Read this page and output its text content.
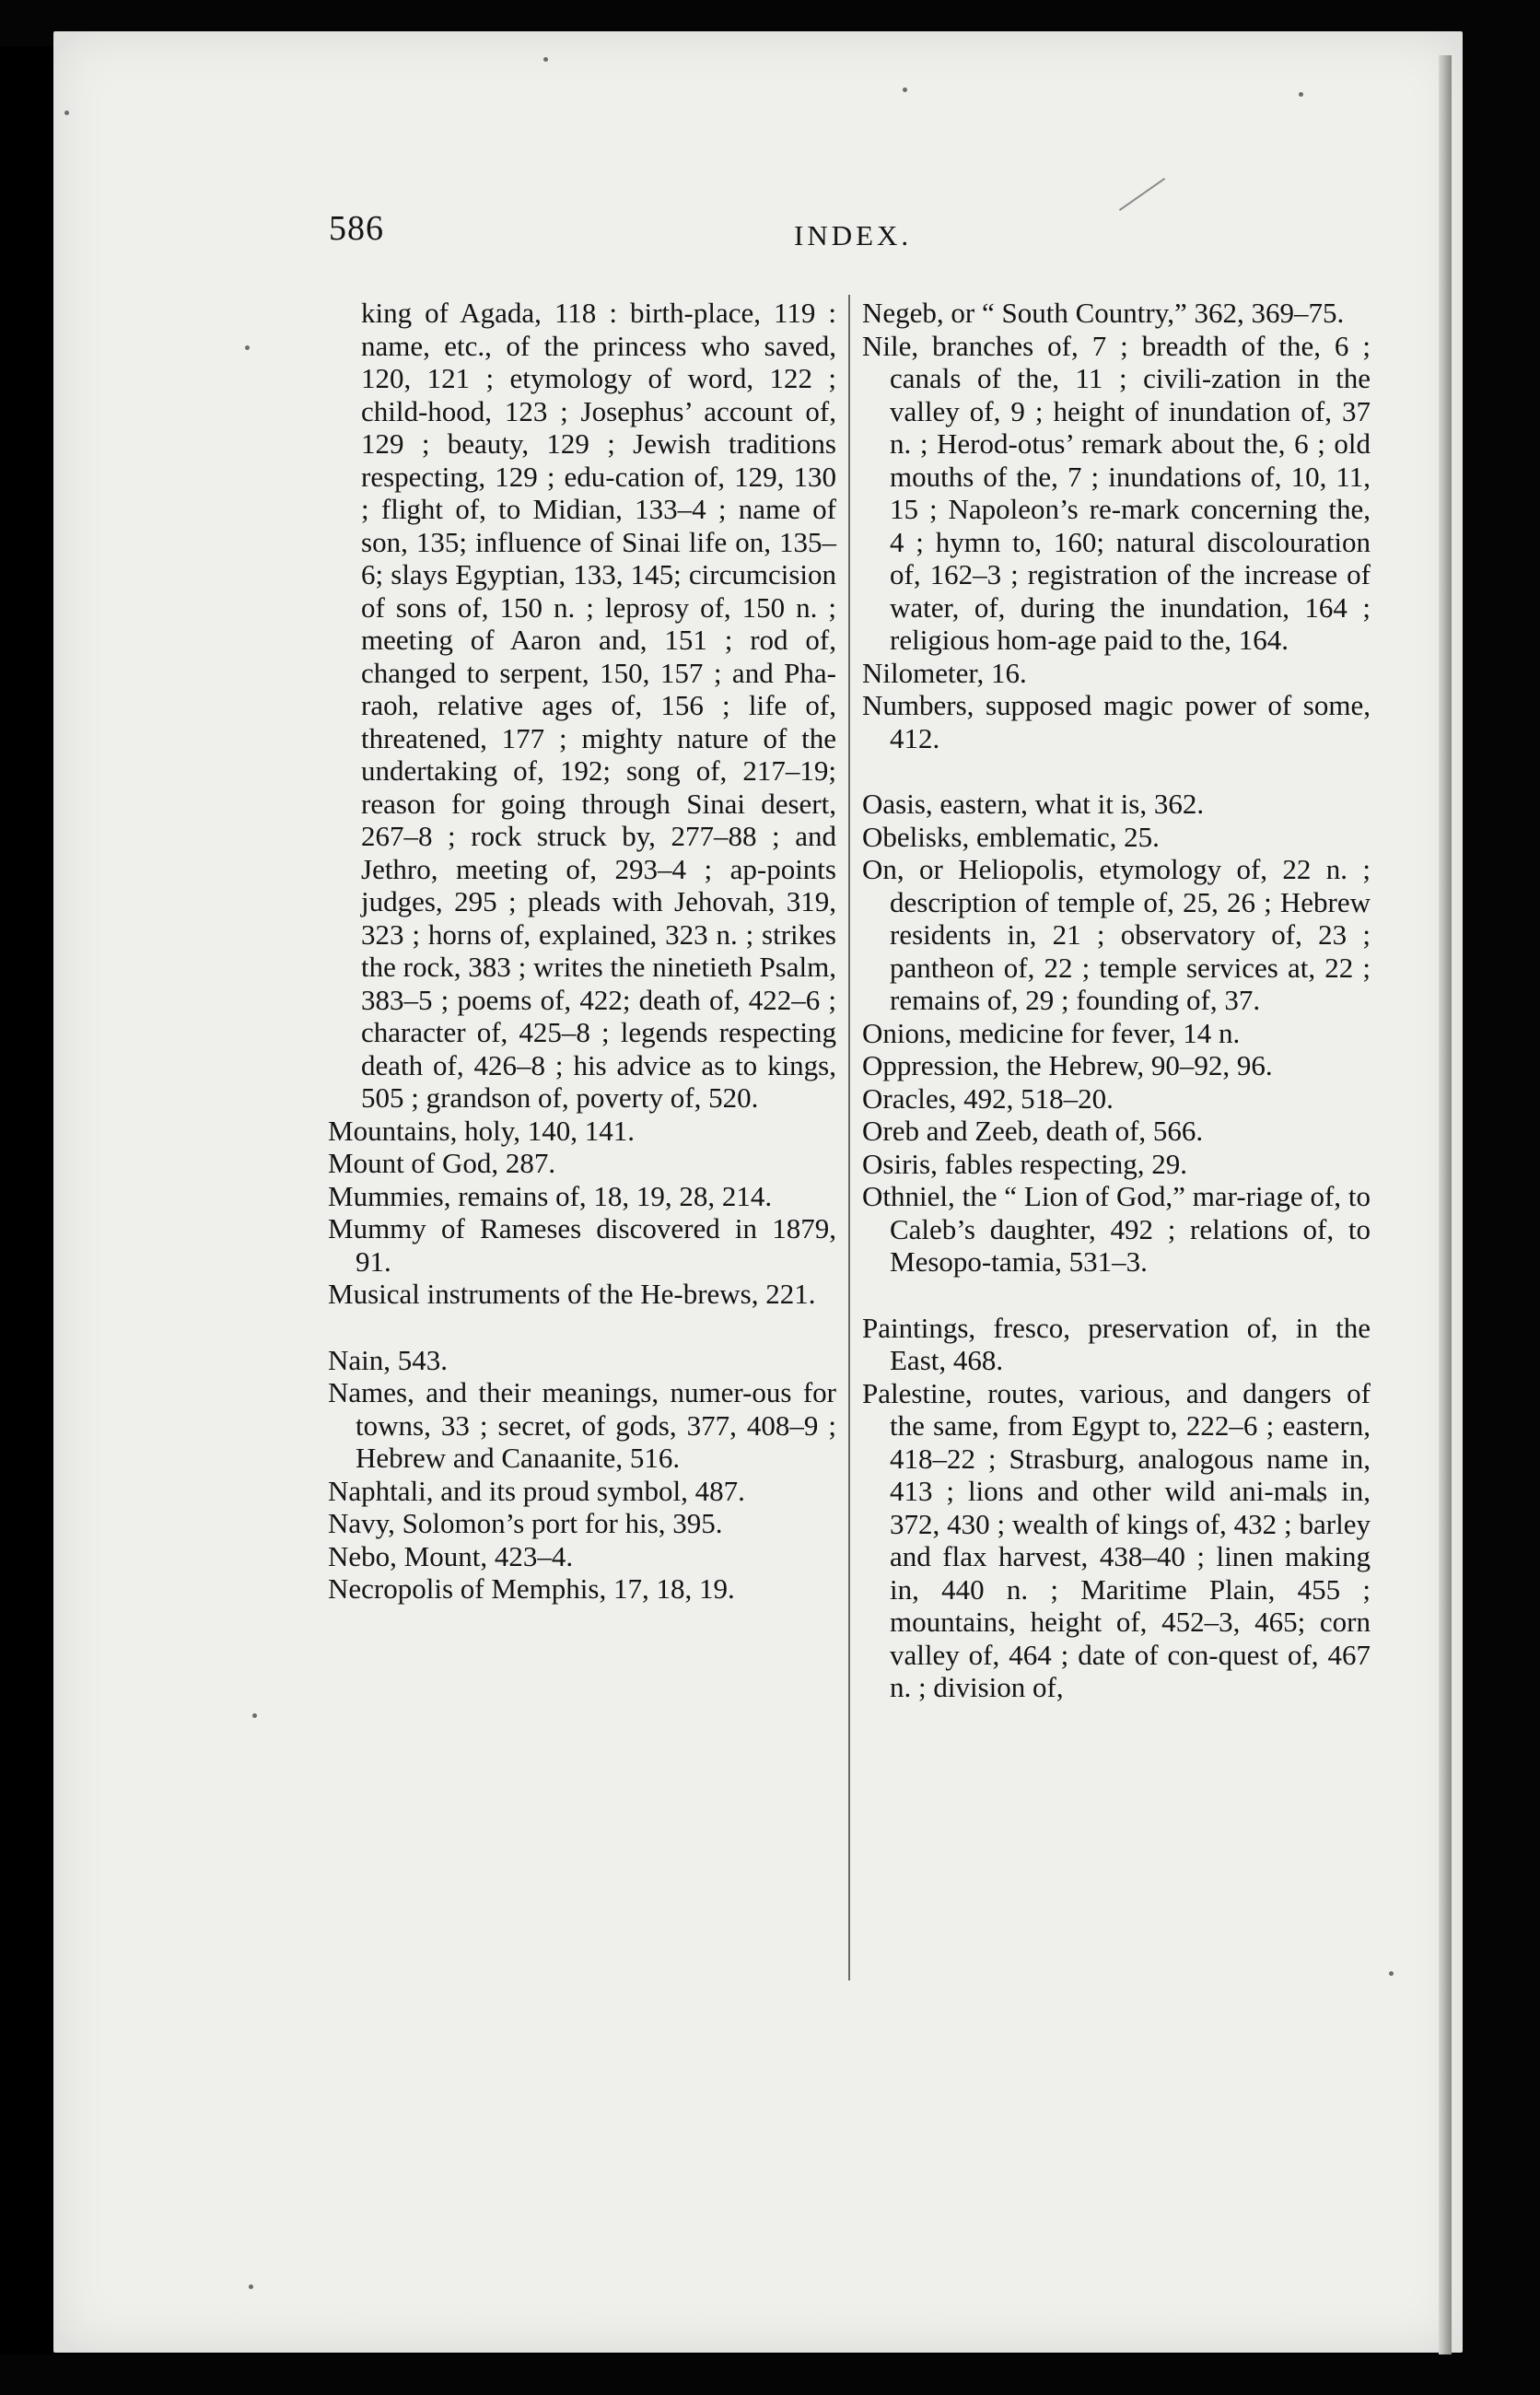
586	INDEX.
king of Agada, 118 : birth-place, 119 : name, etc., of the princess who saved, 120, 121 ; etymology of word, 122 ; child-hood, 123 ; Josephus’ account of, 129 ; beauty, 129 ; Jewish traditions respecting, 129 ; edu-cation of, 129, 130 ; flight of, to Midian, 133–4 ; name of son, 135; influence of Sinai life on, 135–6; slays Egyptian, 133, 145; circumcision of sons of, 150 n. ; leprosy of, 150 n. ; meeting of Aaron and, 151 ; rod of, changed to serpent, 150, 157 ; and Pha-raoh, relative ages of, 156 ; life of, threatened, 177 ; mighty nature of the undertaking of, 192; song of, 217–19; reason for going through Sinai desert, 267–8 ; rock struck by, 277–88 ; and Jethro, meeting of, 293–4 ; ap-points judges, 295 ; pleads with Jehovah, 319, 323 ; horns of, explained, 323 n. ; strikes the rock, 383 ; writes the ninetieth Psalm, 383–5 ; poems of, 422; death of, 422–6 ; character of, 425–8 ; legends respecting death of, 426–8 ; his advice as to kings, 505 ; grandson of, poverty of, 520.
Mountains, holy, 140, 141.
Mount of God, 287.
Mummies, remains of, 18, 19, 28, 214.
Mummy of Rameses discovered in 1879, 91.
Musical instruments of the He-brews, 221.
Nain, 543.
Names, and their meanings, numer-ous for towns, 33 ; secret, of gods, 377, 408–9 ; Hebrew and Canaanite, 516.
Naphtali, and its proud symbol, 487.
Navy, Solomon’s port for his, 395.
Nebo, Mount, 423–4.
Necropolis of Memphis, 17, 18, 19.
Negeb, or “ South Country,” 362, 369–75.
Nile, branches of, 7 ; breadth of the, 6 ; canals of the, 11 ; civili-zation in the valley of, 9 ; height of inundation of, 37 n. ; Herod-otus’ remark about the, 6 ; old mouths of the, 7 ; inundations of, 10, 11, 15 ; Napoleon’s re-mark concerning the, 4 ; hymn to, 160; natural discolouration of, 162–3 ; registration of the increase of water, of, during the inundation, 164 ; religious hom-age paid to the, 164.
Nilometer, 16.
Numbers, supposed magic power of some, 412.
Oasis, eastern, what it is, 362.
Obelisks, emblematic, 25.
On, or Heliopolis, etymology of, 22 n. ; description of temple of, 25, 26 ; Hebrew residents in, 21 ; observatory of, 23 ; pantheon of, 22 ; temple services at, 22 ; remains of, 29 ; founding of, 37.
Onions, medicine for fever, 14 n.
Oppression, the Hebrew, 90–92, 96.
Oracles, 492, 518–20.
Oreb and Zeeb, death of, 566.
Osiris, fables respecting, 29.
Othniel, the “ Lion of God,” mar-riage of, to Caleb’s daughter, 492 ; relations of, to Mesopo-tamia, 531–3.
Paintings, fresco, preservation of, in the East, 468.
Palestine, routes, various, and dangers of the same, from Egypt to, 222–6 ; eastern, 418–22 ; Strasburg, analogous name in, 413 ; lions and other wild ani-mals in, 372, 430 ; wealth of kings of, 432 ; barley and flax harvest, 438–40 ; linen making in, 440 n. ; Maritime Plain, 455 ; mountains, height of, 452–3, 465; corn valley of, 464 ; date of con-quest of, 467 n. ; division of,
